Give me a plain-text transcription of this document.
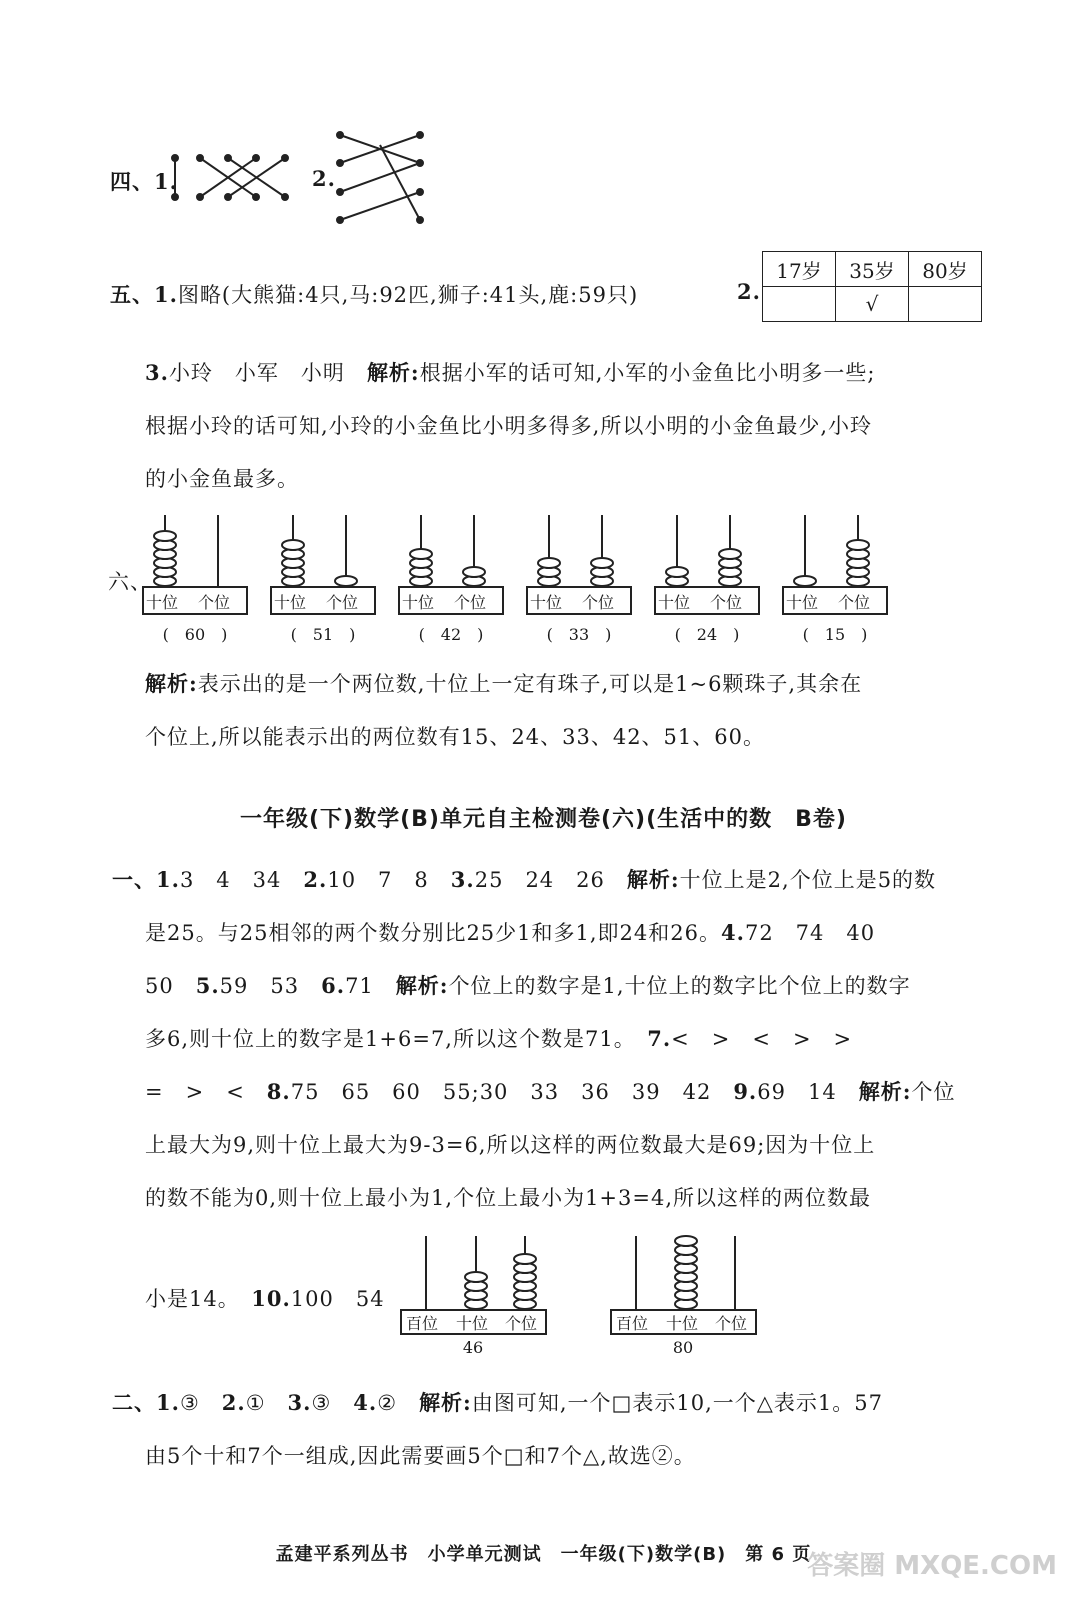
四、1.	2.
五、1.图略(大熊猫:4只,马:92匹,狮子:41头,鹿:59只)	2.
17岁	35岁	80岁
	√	
3.小玲　小军　小明　 解析:根据小军的话可知,小军的小金鱼比小明多一些;
根据小玲的话可知,小玲的小金鱼比小明多得多,所以小明的小金鱼最少,小玲
的小金鱼最多。
六、
十位 个位
(　60　)
十位 个位
(　51　)
十位 个位
(　42　)
十位 个位
(　33　)
十位 个位
(　24　)
十位 个位
(　15　)
解析:表示出的是一个两位数,十位上一定有珠子,可以是1~6颗珠子,其余在
个位上,所以能表示出的两位数有15、24、33、42、51、60。
一年级(下)数学(B)单元自主检测卷(六)(生活中的数　B卷)
一、1.3　4　34　2.10　7　8　3.25　24　26　解析:十位上是2,个位上是5的数
是25。与25相邻的两个数分别比25少1和多1,即24和26。4.72　74　40
50　5.59　53　6.71　解析:个位上的数字是1,十位上的数字比个位上的数字
多6,则十位上的数字是1+6=7,所以这个数是71。　7.<　>　<　>　>
=　>　<　8.75　65　60　55;30　33　36　39　42　9.69　14　解析:个位
上最大为9,则十位上最大为9-3=6,所以这样的两位数最大是69;因为十位上
的数不能为0,则十位上最小为1,个位上最小为1+3=4,所以这样的两位数最
小是14。　10.100　54
百位 十位 个位
46
百位 十位 个位
80
二、1.③　2.①　3.③　4.②　解析:由图可知,一个□表示10,一个△表示1。57
由5个十和7个一组成,因此需要画5个□和7个△,故选②。
孟建平系列丛书　小学单元测试　一年级(下)数学(B)　第 6 页
答案圈 MXQE.COM
